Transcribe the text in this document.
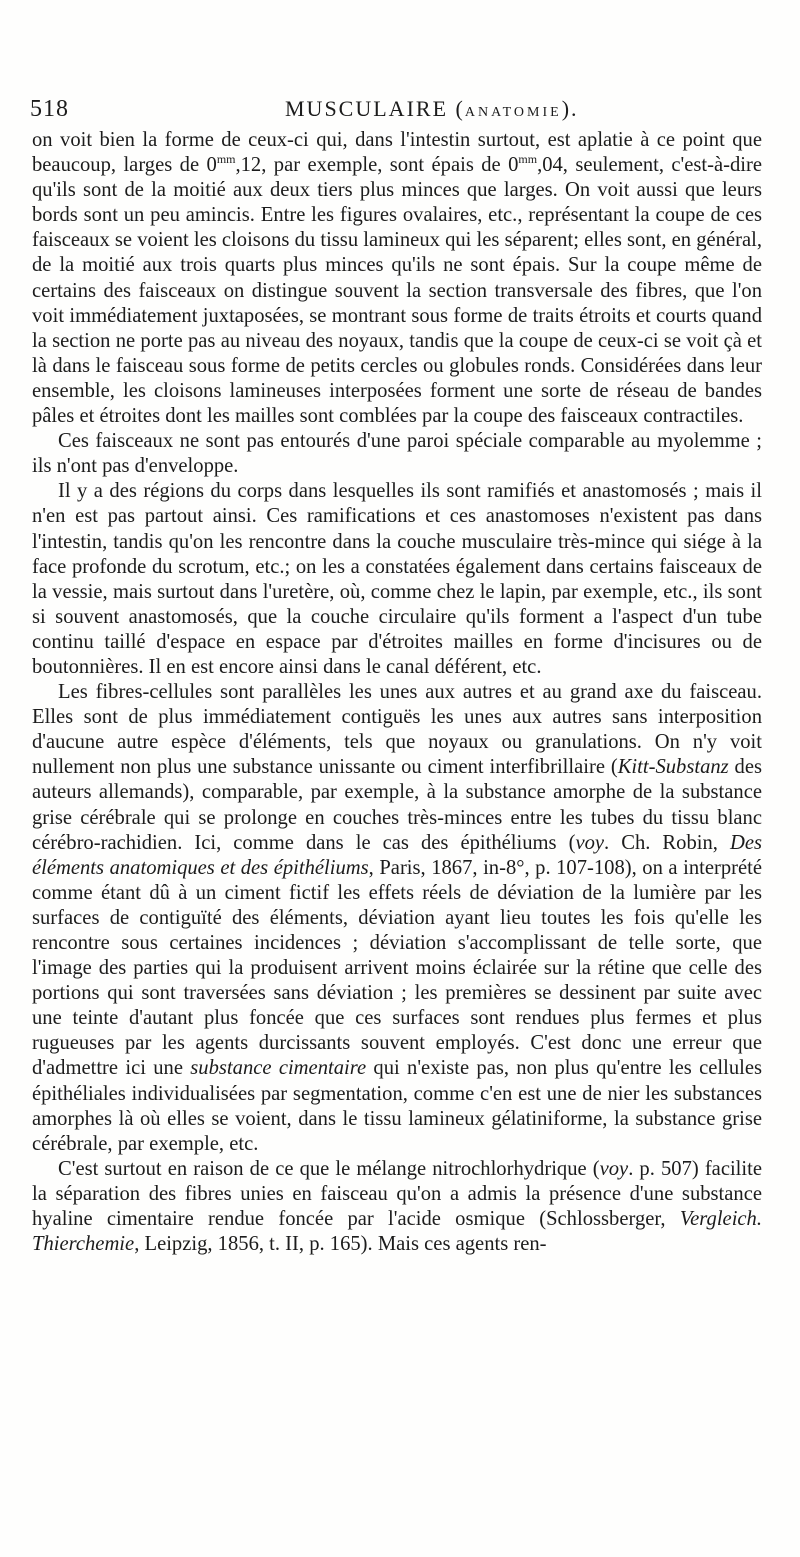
518	MUSCULAIRE (ANATOMIE).

on voit bien la forme de ceux-ci qui, dans l'intestin surtout, est aplatie à ce point que beaucoup, larges de $0^{mm},12$, par exemple, sont épais de $0^{mm},04$, seulement, c'est-à-dire qu'ils sont de la moitié aux deux tiers plus minces que larges. On voit aussi que leurs bords sont un peu amincis. Entre les figures ovalaires, etc., représentant la coupe de ces faisceaux se voient les cloisons du tissu lamineux qui les séparent; elles sont, en général, de la moitié aux trois quarts plus minces qu'ils ne sont épais. Sur la coupe même de certains des faisceaux on distingue souvent la section transversale des fibres, que l'on voit immédiatement juxtaposées, se montrant sous forme de traits étroits et courts quand la section ne porte pas au niveau des noyaux, tandis que la coupe de ceux-ci se voit çà et là dans le faisceau sous forme de petits cercles ou globules ronds. Considérées dans leur ensemble, les cloisons lamineuses interposées forment une sorte de réseau de bandes pâles et étroites dont les mailles sont comblées par la coupe des faisceaux contractiles.

Ces faisceaux ne sont pas entourés d'une paroi spéciale comparable au myolemme ; ils n'ont pas d'enveloppe.

Il y a des régions du corps dans lesquelles ils sont ramifiés et anastomosés ; mais il n'en est pas partout ainsi. Ces ramifications et ces anastomoses n'existent pas dans l'intestin, tandis qu'on les rencontre dans la couche musculaire très-mince qui siége à la face profonde du scrotum, etc.; on les a constatées également dans certains faisceaux de la vessie, mais surtout dans l'uretère, où, comme chez le lapin, par exemple, etc., ils sont si souvent anastomosés, que la couche circulaire qu'ils forment a l'aspect d'un tube continu taillé d'espace en espace par d'étroites mailles en forme d'incisures ou de boutonnières. Il en est encore ainsi dans le canal déférent, etc.

Les fibres-cellules sont parallèles les unes aux autres et au grand axe du faisceau. Elles sont de plus immédiatement contiguës les unes aux autres sans interposition d'aucune autre espèce d'éléments, tels que noyaux ou granulations. On n'y voit nullement non plus une substance unissante ou ciment interfibrillaire (Kitt-Substanz des auteurs allemands), comparable, par exemple, à la substance amorphe de la substance grise cérébrale qui se prolonge en couches très-minces entre les tubes du tissu blanc cérébro-rachidien. Ici, comme dans le cas des épithéliums (voy. Ch. Robin, Des éléments anatomiques et des épithéliums, Paris, 1867, in-8°, p. 107-108), on a interprété comme étant dû à un ciment fictif les effets réels de déviation de la lumière par les surfaces de contiguïté des éléments, déviation ayant lieu toutes les fois qu'elle les rencontre sous certaines incidences ; déviation s'accomplissant de telle sorte, que l'image des parties qui la produisent arrivent moins éclairée sur la rétine que celle des portions qui sont traversées sans déviation ; les premières se dessinent par suite avec une teinte d'autant plus foncée que ces surfaces sont rendues plus fermes et plus rugueuses par les agents durcissants souvent employés. C'est donc une erreur que d'admettre ici une substance cimentaire qui n'existe pas, non plus qu'entre les cellules épithéliales individualisées par segmentation, comme c'en est une de nier les substances amorphes là où elles se voient, dans le tissu lamineux gélatiniforme, la substance grise cérébrale, par exemple, etc.

C'est surtout en raison de ce que le mélange nitrochlorhydrique (voy. p. 507) facilite la séparation des fibres unies en faisceau qu'on a admis la présence d'une substance hyaline cimentaire rendue foncée par l'acide osmique (Schlossberger, Vergleich. Thierchemie, Leipzig, 1856, t. II, p. 165). Mais ces agents ren-
